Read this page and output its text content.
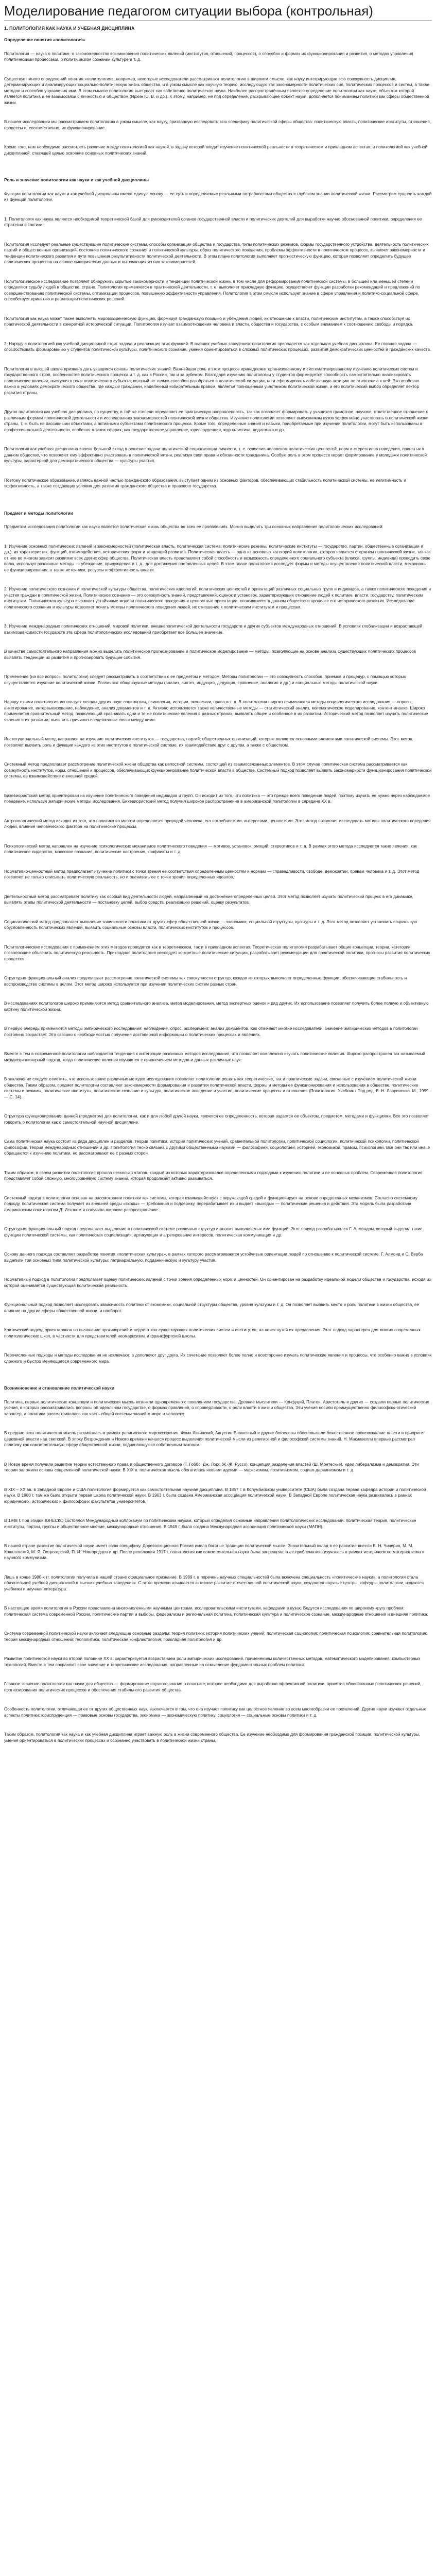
Моделирование педагогом ситуации выбора (контрольная)
1. ПОЛИТОЛОГИЯ КАК НАУКА И УЧЕБНАЯ ДИСЦИПЛИНА
Определение понятия «политология»

Политология — наука о политике, о закономерностях возникновения политических явлений (институтов, отношений, процессов), о способах и формах их функционирования и развития, о методах управления политическими процессами, о политическом сознании культуре и т. д.

Существует много определений понятия «политология», например, некоторые исследователи рассматривают политологию в широком смысле, как науку интегрирующую всю совокупность дисциплин, детерминирующих и анализирующих социально-политическую жизнь общества, и в узком смысле как научную теорию, исследующую как закономерности политических сил, политических процессов и систем, а также методов и способов управления ими. В этом смысле политология выступает как собственно политическая наука. Наиболее распространённым является определение политологии как науки, объектом которой является политика и её взаимосвязи с личностью и обществом (Ирхин Ю. В. и др.). К этому, например, не под определение, раскрывающее объект науки, дополняется пониманием политики как сферы общественной жизни.

В нашем исследовании мы рассматриваем политологию в узком смысле, как науку, призванную исследовать всю специфику политической сферы общества: политическую власть, политические институты, отношения, процессы и, соответственно, их функционирование.

Кроме того, нам необходимо рассмотреть различие между политологией как наукой, в задачу которой входит изучение политической реальности в теоретическом и прикладном аспектах, и политологией как учебной дисциплиной, ставящей целью освоение основных политических знаний.

Роль и значение политологии как науки и как учебной дисциплины

Функции политологии как науки и как учебной дисциплины имеют единую основу — ее суть и определяемые реальными потребностями общества в глубоком знании политической жизни. Рассмотрим сущность каждой из функций политологии.

1. Политология как наука является необходимой теоретической базой для руководителей органов государственной власти и политических деятелей для выработки научно обоснованной политики, определения ее стратегии и тактики.

Политология исследует реальные существующие политические системы, способы организации общества и государства, типы политических режимов, формы государственного устройства, деятельность политических партий и общественных организаций, состояние политического сознания и политической культуры, образ политического поведения, проблемы эффективности в политическом процессе, выявляет закономерности и тенденции политического развития и пути повышения результативности политической деятельности. В этом плане политология выполняет прогностическую функцию, которая позволяет определить будущее политических процессов на основе эмпирических данных и вытекающих из них закономерностей.

Политологическое исследование позволяет обнаружить скрытые закономерности и тенденции политической жизни, в том числе для реформирования политической системы, в большей или меньшей степени определяют судьбу людей в обществе, стране. Политология применяется в практической деятельности, т. е. выполняет прикладную функцию, осуществляет функции разработки рекомендаций и предложений по совершенствованию политической системы, оптимизации процессов, повышению эффективности управления. Политология в этом смысле использует знание в сфере управления и политико-социальной сфере, способствует принятию и реализации политических решений.

Политология как наука может также выполнять мировоззренческую функцию, формируя гражданскую позицию и убеждения людей, их отношение к власти, политическим институтам, а также способствуя их практической деятельности в конкретной исторической ситуации. Политология изучает взаимоотношения человека и власти, общества и государства, с особым вниманием к соотношению свободы и порядка.

2. Наряду с политологией как учебной дисциплиной стоит задача и реализация этих функций. В высших учебных заведениях политология преподается как отдельная учебная дисциплина. Ее главная задача — способствовать формированию у студентов политической культуры, политического сознания, умения ориентироваться в сложных политических процессах, развития демократических ценностей и гражданских качеств.

Политология в высшей школе призвана дать учащимся основы политических знаний. Важнейшая роль в этом процессе принадлежит организованному и систематизированному изучению политических систем и государственного строя, особенностей политического процесса и т. д. как в России, так и за рубежом. Благодаря изучению политологии у студентов формируется способность самостоятельно анализировать политические явления, выступая в роли политического субъекта, который не только способен разобраться в политической ситуации, но и сформировать собственную позицию по отношению к ней. Это особенно важно в условиях демократического общества, где каждый гражданин, наделенный избирательным правом, является полноценным участником политической жизни, и его политический выбор определяет вектор развития страны.

Другая политология как учебная дисциплина, по существу, в той же степени определяет ее практическую направленность, так как позволяет формировать у учащихся грамотное, научное, ответственное отношение к различным формам политической деятельности и исследованию закономерностей политической жизни общества. Изучение политологии позволяет выпускникам вузов эффективно участвовать в политической жизни страны, т. е. быть не пассивными объектами, а активными субъектами политического процесса. Кроме того, определенные знания и навыки, приобретаемые при изучении политологии, могут быть использованы в профессиональной деятельности, особенно в таких сферах, как государственное управление, юриспруденция, журналистика, педагогика и др.

Политология как учебная дисциплина вносит большой вклад в решение задачи политической социализации личности, т. е. освоения человеком политических ценностей, норм и стереотипов поведения, принятых в данном обществе, что позволяет ему эффективно участвовать в политической жизни, реализуя свои права и обязанности гражданина. Особую роль в этом процессе играет формирование у молодежи политической культуры, характерной для демократического общества — культуры участия.

Поэтому политическое образование, являясь важной частью гражданского образования, выступает одним из основных факторов, обеспечивающих стабильность политической системы, ее легитимность и эффективность, а также создающих условия для развития гражданского общества и правового государства.

Предмет и методы политологии

Предметом исследования политологии как науки является политическая жизнь общества во всех ее проявлениях. Можно выделить три основных направления политологических исследований:

1. Изучение основных политических явлений и закономерностей (политическая власть, политическая система, политические режимы, политические институты — государство, партии, общественные организации и др.), их характеристик, функций, взаимодействия, исторических форм и тенденций развития. Политическая власть — одна из основных категорий политологии, которая является стержнем политической жизни, так как от нее во многом зависит развитие всех других сфер общества. Политическая власть представляет собой способность и возможность определенного социального субъекта (класса, группы, индивида) проводить свою волю, используя различные методы — убеждение, принуждение и т. д., для достижения поставленных целей. В этом плане политология исследует формы и методы осуществления политической власти, механизмы ее функционирования, а также источники, ресурсы и эффективность власти.

2. Изучение политического сознания и политической культуры общества, политических идеологий, политических ценностей и ориентаций различных социальных групп и индивидов, а также политического поведения и участия граждан в политической жизни. Политическое сознание — это совокупность знаний, представлений, оценок и установок, характеризующих отношение людей к политике, власти, государству, политическим институтам. Политическая культура выражает устойчивые модели политического поведения и ценностные ориентации, сложившиеся в данном обществе в процессе его исторического развития. Исследование политического сознания и культуры позволяет понять мотивы политического поведения людей, их отношение к политическим институтам и процессам.

3. Изучение международных политических отношений, мировой политики, внешнеполитической деятельности государств и других субъектов международных отношений. В условиях глобализации и возрастающей взаимозависимости государств эта сфера политологических исследований приобретает все большее значение.

В качестве самостоятельного направления можно выделить политическое прогнозирование и политическое моделирование — методы, позволяющие на основе анализа существующих политических процессов выявлять тенденции их развития и прогнозировать будущие события.

Применение (на все вопросы политологии) следует рассматривать в соответствии с ее предметом и методом. Методы политологии — это совокупность способов, приемов и процедур, с помощью которых осуществляется изучение политической жизни. Различают общенаучные методы (анализ, синтез, индукция, дедукция, сравнение, аналогия и др.) и специальные методы политической науки.

Наряду с ними политология использует методы других наук: социологии, психологии, истории, экономики, права и т. д. В политологии широко применяются методы социологического исследования — опросы, анкетирование, интервьюирование, наблюдение, анализ документов и т. д. Активно используются также количественные методы — статистический анализ, математическое моделирование, контент-анализ. Широко применяется сравнительный метод, позволяющий сравнивать одни и те же политические явления в разных странах, выявлять общее и особенное в их развитии. Исторический метод позволяет изучать политические явления в их развитии, выявлять причинно-следственные связи между ними.

Институциональный метод направлен на изучение политических институтов — государства, партий, общественных организаций, которые являются основными элементами политической системы. Этот метод позволяет выявить роль и функции каждого из этих институтов в политической системе, их взаимодействие друг с другом, а также с обществом.

Системный метод предполагает рассмотрение политической жизни общества как целостной системы, состоящей из взаимосвязанных элементов. В этом случае политическая система рассматривается как совокупность институтов, норм, отношений и процессов, обеспечивающих функционирование политической власти в обществе. Системный подход позволяет выявить закономерности функционирования политической системы, ее взаимодействие с внешней средой.

Бихевиористский метод ориентирован на изучение политического поведения индивидов и групп. Он исходит из того, что политика — это прежде всего поведение людей, поэтому изучать ее нужно через наблюдаемое поведение, используя эмпирические методы исследования. Бихевиористский метод получил широкое распространение в американской политологии в середине XX в.

Антропологический метод исходит из того, что политика во многом определяется природой человека, его потребностями, интересами, ценностями. Этот метод позволяет исследовать мотивы политического поведения людей, влияние человеческого фактора на политические процессы.

Психологический метод направлен на изучение психологических механизмов политического поведения — мотивов, установок, эмоций, стереотипов и т. д. В рамках этого метода исследуются такие явления, как политическое лидерство, массовое сознание, политические настроения, конфликты и т. д.

Нормативно-ценностный метод предполагает изучение политики с точки зрения ее соответствия определенным ценностям и нормам — справедливости, свободе, демократии, правам человека и т. д. Этот метод позволяет не только описывать политическую реальность, но и оценивать ее с точки зрения определенных идеалов.

Деятельностный метод рассматривает политику как особый вид деятельности людей, направленный на достижение определенных целей. Этот метод позволяет изучать политический процесс в его динамике, выявлять этапы политической деятельности — постановку целей, выбор средств, реализацию решений, оценку результатов.

Социологический метод предполагает выявление зависимости политики от других сфер общественной жизни — экономики, социальной структуры, культуры и т. д. Этот метод позволяет установить социальную обусловленность политических явлений, выявить социальные основы власти, политических институтов и процессов.

Политологические исследования с применением этих методов проводятся как в теоретическом, так и в прикладном аспектах. Теоретическая политология разрабатывает общие концепции, теории, категории, позволяющие объяснить политическую реальность. Прикладная политология исследует конкретные политические ситуации, разрабатывает рекомендации для практической политики, прогнозы развития политических процессов.

Структурно-функциональный анализ предполагает рассмотрение политической системы как совокупности структур, каждая из которых выполняет определенные функции, обеспечивающие стабильность и воспроизводство системы в целом. Этот метод широко используется при изучении политических систем разных стран.

В исследованиях политологов широко применяются метод сравнительного анализа, метод моделирования, метод экспертных оценок и ряд других. Их использование позволяет получить более полную и объективную картину политической жизни.

В первую очередь применяются методы эмпирического исследования: наблюдение, опрос, эксперимент, анализ документов. Как отмечают многие исследователи, значение эмпирических методов в политологии постоянно возрастает. Это связано с необходимостью получения достоверной информации о политических процессах и явлениях.

Вместе с тем в современной политологии наблюдается тенденция к интеграции различных методов исследования, что позволяет комплексно изучать политические явления. Широко распространен так называемый междисциплинарный подход, когда политические явления изучаются с привлечением методов и данных различных наук.

В заключение следует отметить, что использование различных методов исследования позволяет политологии решать как теоретические, так и практические задачи, связанные с изучением политической жизни общества. Таким образом, предмет политологии составляют закономерности формирования и развития политической власти, формы и методы ее функционирования и использования в обществе, политические системы и режимы, политические институты, политическое сознание и культура, политическое поведение и участие, политические процессы и отношения (Политология: Учебник / Под ред. В. Н. Лавриненко. М., 1999. — С. 14).

Структура функционирования данной (предметом) для политологии, как и для любой другой науки, является ее определенность, которая задается ее объектом, предметом, методами и функциями. Все это позволяет говорить о политологии как о самостоятельной научной дисциплине.

Сама политическая наука состоит из ряда дисциплин и разделов: теории политики, истории политических учений, сравнительной политологии, политической социологии, политической психологии, политической философии, теории международных отношений и др. Политология тесно связана с другими общественными науками — философией, социологией, историей, экономикой, правом, психологией. Все они так или иначе обращаются к изучению политики, но рассматривают ее с разных сторон.

Таким образом, в своем развитии политология прошла несколько этапов, каждый из которых характеризовался определенными подходами к изучению политики и ее основных проблем. Современная политология представляет собой сложную, многоуровневую систему знаний, которая продолжает активно развиваться.

Системный подход в политологии основан на рассмотрении политики как системы, которая взаимодействует с окружающей средой и функционирует на основе определенных механизмов. Согласно системному подходу, политическая система получает из внешней среды «входы» — требования и поддержку, перерабатывает их и выдает «выходы» — политические решения и действия. Эта модель была разработана американским политологом Д. Истоном и получила широкое распространение.

Структурно-функциональный подход предполагает выделение в политической системе различных структур и анализ выполняемых ими функций. Этот подход разрабатывался Г. Алмондом, который выделил такие функции политической системы, как политическая социализация, артикуляция и агрегирование интересов, политическая коммуникация и др.

Основу данного подхода составляет разработка понятия «политическая культура», в рамках которого рассматриваются устойчивые ориентации людей по отношению к политической системе. Г. Алмонд и С. Верба выделили три основных типа политической культуры: патриархальную, подданническую и культуру участия.

Нормативный подход в политологии предполагает оценку политических явлений с точки зрения определенных норм и ценностей. Он ориентирован на разработку идеальной модели общества и государства, исходя из которой оценивается существующая политическая реальность.

Функциональный подход позволяет исследовать зависимость политики от экономики, социальной структуры общества, уровня культуры и т. д. Он позволяет выявить место и роль политики в жизни общества, ее влияние на другие сферы общественной жизни, и наоборот.

Критический подход ориентирован на выявление противоречий и недостатков существующих политических систем и институтов, на поиск путей их преодоления. Этот подход характерен для многих современных политологических школ, в частности для представителей неомарксизма и франкфуртской школы.

Перечисленные подходы и методы исследования не исключают, а дополняют друг друга. Их сочетание позволяет более полно и всесторонне изучать политические явления и процессы, что особенно важно в условиях сложного и быстро меняющегося современного мира.

Возникновение и становление политической науки

Политика, первые политические концепции и политическая мысль возникли одновременно с появлением государства. Древние мыслители — Конфуций, Платон, Аристотель и другие — создали первые политические учения, в которых рассматривались вопросы об идеальном государстве, о формах правления, о справедливости, о роли власти в жизни общества. Эти учения носили преимущественно философско-этический характер, а политика рассматривалась как часть общей системы знаний о мире и человеке.

В средние века политическая мысль развивалась в рамках религиозного мировоззрения. Фома Аквинский, Августин Блаженный и другие богословы обосновывали божественное происхождение власти и приоритет церковной власти над светской. В эпоху Возрождения и Нового времени начался процесс выделения политической мысли из религиозной и философской системы знаний. Н. Макиавелли впервые рассмотрел политику как самостоятельную сферу общественной жизни, подчиняющуюся собственным законам.

В Новое время получили развитие теории естественного права и общественного договора (Т. Гоббс, Дж. Локк, Ж.-Ж. Руссо), концепция разделения властей (Ш. Монтескье), идеи либерализма и демократии. Эти теории заложили основы современной политической науки. В XIX в. политическая мысль обогатилась новыми идеями — марксизмом, позитивизмом, социал-дарвинизмом и т. д.

В XIX – XX вв. в Западной Европе и США политология формируется как самостоятельная научная дисциплина. В 1857 г. в Колумбийском университете (США) была создана первая кафедра истории и политической науки. В 1880 г. там же была открыта первая школа политической науки. В 1903 г. была создана Американская ассоциация политической науки. В Западной Европе политическая наука развивалась в рамках юридических, исторических и философских факультетов университетов.

В 1948 г. под эгидой ЮНЕСКО состоялся Международный коллоквиум по политическим наукам, который определил основные направления политологических исследований: политическая теория, политические институты, партии, группы и общественное мнение, международные отношения. В 1949 г. была создана Международная ассоциация политической науки (МАПН).

В нашей стране развитие политической науки имеет свою специфику. Дореволюционная Россия имела богатые традиции политической мысли. Значительный вклад в ее развитие внесли Б. Н. Чичерин, М. М. Ковалевский, М. Я. Острогорский, П. И. Новгородцев и др. После революции 1917 г. политология как самостоятельная наука была запрещена, а ее проблематика изучалась в рамках исторического материализма и научного коммунизма.

Лишь в конце 1980-х гг. политология получила в нашей стране официальное признание. В 1989 г. в перечень научных специальностей была включена специальность «политические науки», а политология стала обязательной учебной дисциплиной в высших учебных заведениях. С этого времени начинается активное развитие отечественной политической науки, создаются научные центры, кафедры политологии, издаются учебники и научная литература.

В настоящее время политология в России представлена многочисленными научными центрами, исследовательскими институтами, кафедрами в вузах. Ведутся исследования по широкому кругу проблем: политическая система современной России, политические партии и выборы, федерализм и региональная политика, политическая культура и политическое сознание, международные отношения и внешняя политика.

Система современной политической науки включает следующие основные разделы: теория политики; история политических учений; политическая социология; политическая психология; сравнительная политология; теория международных отношений; геополитика; политическая конфликтология; прикладная политология и др.

Развитие политической науки во второй половине XX в. характеризуется возрастанием роли эмпирических исследований, применением количественных методов, математического моделирования, компьютерных технологий. Вместе с тем сохраняют свое значение и теоретические исследования, направленные на осмысление фундаментальных проблем политики.

Главное значение политологии как науки для общества — формирование научного знания о политике, которое необходимо для выработки эффективной политики, принятия обоснованных политических решений, прогнозирования политических процессов и обеспечения стабильного развития общества.

Особенность политологии, отличающая ее от других общественных наук, заключается в том, что она изучает политику как целостное явление во всем многообразии ее проявлений. Другие науки изучают отдельные аспекты политики: юриспруденция — правовые основы государства, экономика — экономическую политику, социология — социальные основы политики и т. д.

Таким образом, политология как наука и как учебная дисциплина играет важную роль в жизни современного общества. Ее изучение необходимо для формирования гражданской позиции, политической культуры, умения ориентироваться в политических процессах и осознанно участвовать в политической жизни страны.
